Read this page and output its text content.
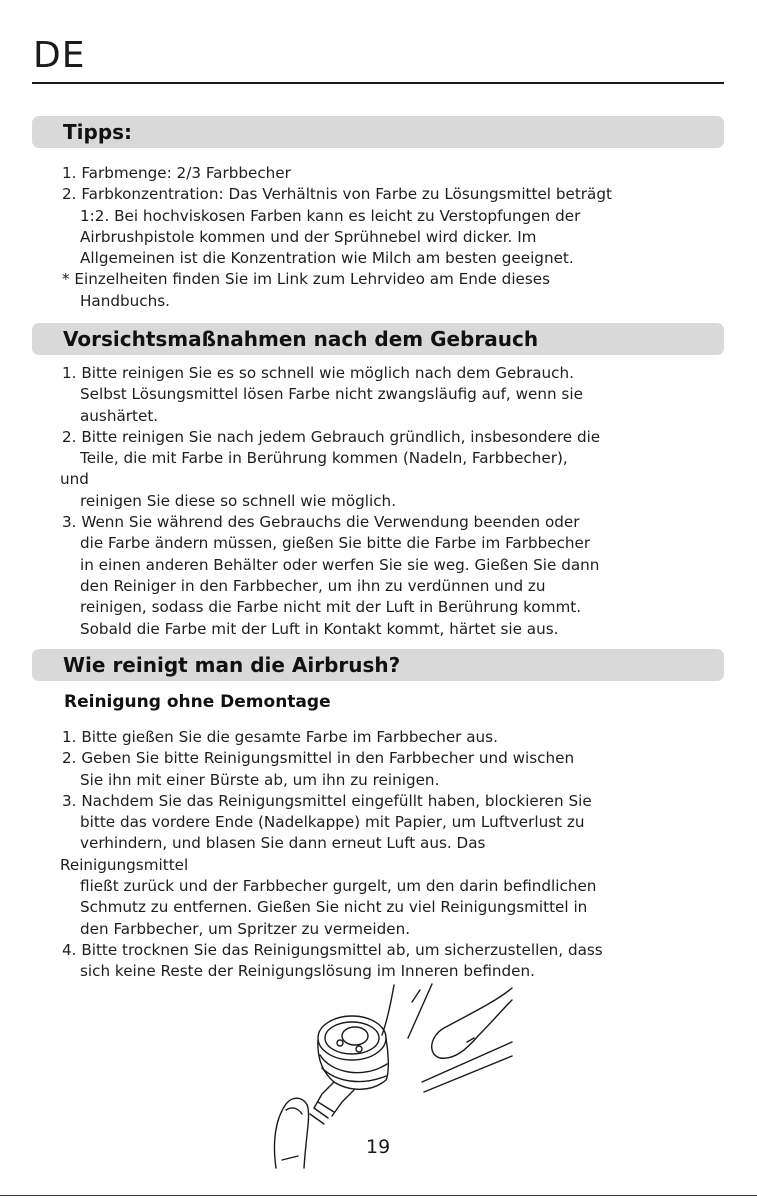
DE
Tipps:
1. Farbmenge: 2/3 Farbbecher
2. Farbkonzentration: Das Verhältnis von Farbe zu Lösungsmittel beträgt
1:2. Bei hochviskosen Farben kann es leicht zu Verstopfungen der
Airbrushpistole kommen und der Sprühnebel wird dicker. Im
Allgemeinen ist die Konzentration wie Milch am besten geeignet.
* Einzelheiten finden Sie im Link zum Lehrvideo am Ende dieses
Handbuchs.
Vorsichtsmaßnahmen nach dem Gebrauch
1. Bitte reinigen Sie es so schnell wie möglich nach dem Gebrauch.
Selbst Lösungsmittel lösen Farbe nicht zwangsläufig auf, wenn sie
aushärtet.
2. Bitte reinigen Sie nach jedem Gebrauch gründlich, insbesondere die
Teile, die mit Farbe in Berührung kommen (Nadeln, Farbbecher),
und
reinigen Sie diese so schnell wie möglich.
3. Wenn Sie während des Gebrauchs die Verwendung beenden oder
die Farbe ändern müssen, gießen Sie bitte die Farbe im Farbbecher
in einen anderen Behälter oder werfen Sie sie weg. Gießen Sie dann
den Reiniger in den Farbbecher, um ihn zu verdünnen und zu
reinigen, sodass die Farbe nicht mit der Luft in Berührung kommt.
Sobald die Farbe mit der Luft in Kontakt kommt, härtet sie aus.
Wie reinigt man die Airbrush?
Reinigung ohne Demontage
1. Bitte gießen Sie die gesamte Farbe im Farbbecher aus.
2. Geben Sie bitte Reinigungsmittel in den Farbbecher und wischen
Sie ihn mit einer Bürste ab, um ihn zu reinigen.
3. Nachdem Sie das Reinigungsmittel eingefüllt haben, blockieren Sie
bitte das vordere Ende (Nadelkappe) mit Papier, um Luftverlust zu
verhindern, und blasen Sie dann erneut Luft aus. Das
Reinigungsmittel
fließt zurück und der Farbbecher gurgelt, um den darin befindlichen
Schmutz zu entfernen. Gießen Sie nicht zu viel Reinigungsmittel in
den Farbbecher, um Spritzer zu vermeiden.
4. Bitte trocknen Sie das Reinigungsmittel ab, um sicherzustellen, dass
sich keine Reste der Reinigungslösung im Inneren befinden.
19
